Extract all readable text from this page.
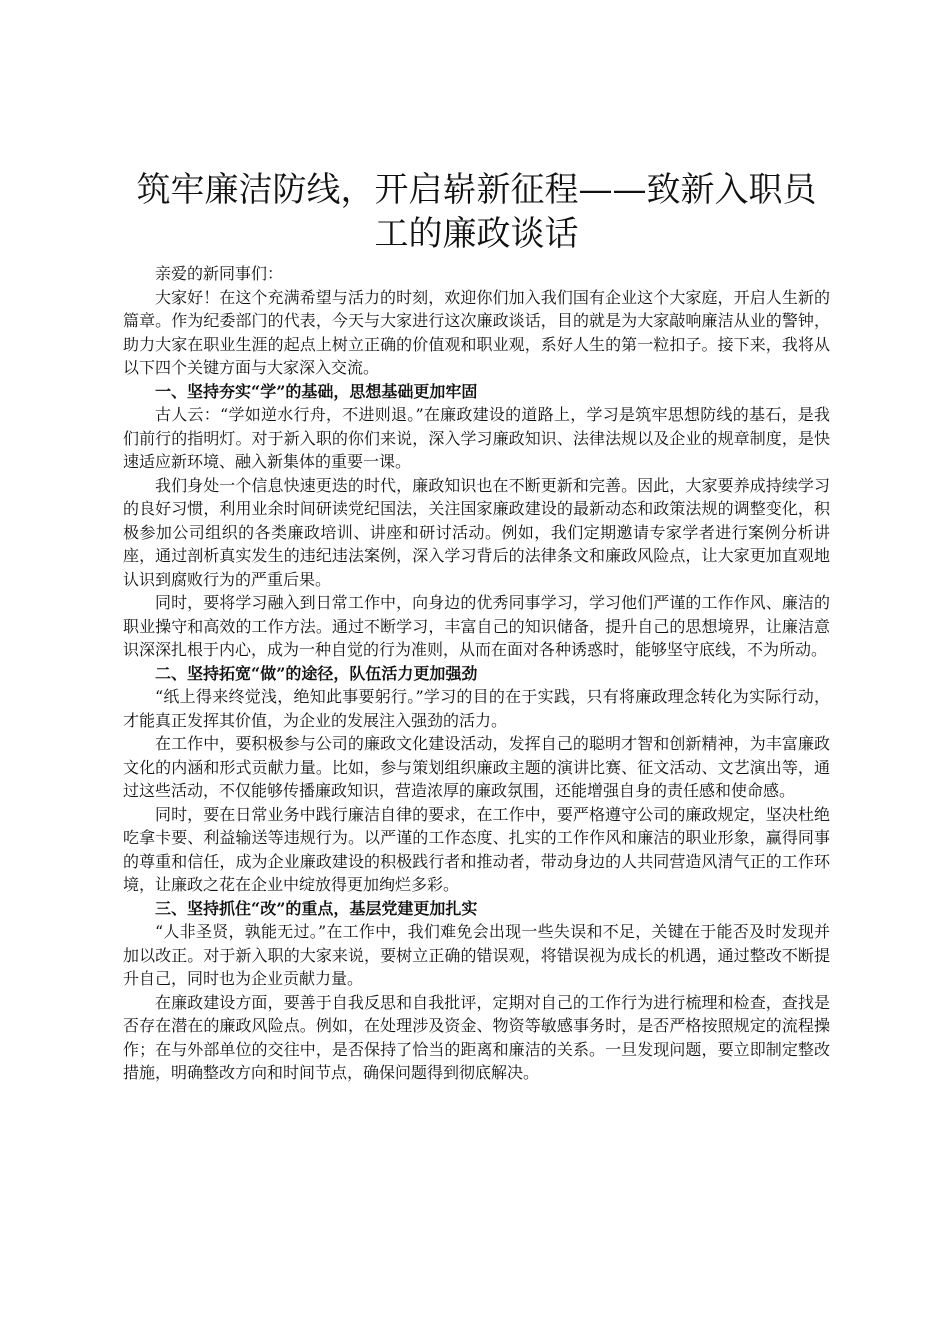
筑牢廉洁防线，开启崭新征程——致新入职员工的廉政谈话

亲爱的新同事们：

大家好！在这个充满希望与活力的时刻，欢迎你们加入我们国有企业这个大家庭，开启人生新的篇章。作为纪委部门的代表，今天与大家进行这次廉政谈话，目的就是为大家敲响廉洁从业的警钟，助力大家在职业生涯的起点上树立正确的价值观和职业观，系好人生的第一粒扣子。接下来，我将从以下四个关键方面与大家深入交流。

一、坚持夯实“学”的基础，思想基础更加牢固

古人云：“学如逆水行舟，不进则退。”在廉政建设的道路上，学习是筑牢思想防线的基石，是我们前行的指明灯。对于新入职的你们来说，深入学习廉政知识、法律法规以及企业的规章制度，是快速适应新环境、融入新集体的重要一课。

我们身处一个信息快速更迭的时代，廉政知识也在不断更新和完善。因此，大家要养成持续学习的良好习惯，利用业余时间研读党纪国法，关注国家廉政建设的最新动态和政策法规的调整变化，积极参加公司组织的各类廉政培训、讲座和研讨活动。例如，我们定期邀请专家学者进行案例分析讲座，通过剖析真实发生的违纪违法案例，深入学习背后的法律条文和廉政风险点，让大家更加直观地认识到腐败行为的严重后果。

同时，要将学习融入到日常工作中，向身边的优秀同事学习，学习他们严谨的工作作风、廉洁的职业操守和高效的工作方法。通过不断学习，丰富自己的知识储备，提升自己的思想境界，让廉洁意识深深扎根于内心，成为一种自觉的行为准则，从而在面对各种诱惑时，能够坚守底线，不为所动。

二、坚持拓宽“做”的途径，队伍活力更加强劲

“纸上得来终觉浅，绝知此事要躬行。”学习的目的在于实践，只有将廉政理念转化为实际行动，才能真正发挥其价值，为企业的发展注入强劲的活力。

在工作中，要积极参与公司的廉政文化建设活动，发挥自己的聪明才智和创新精神，为丰富廉政文化的内涵和形式贡献力量。比如，参与策划组织廉政主题的演讲比赛、征文活动、文艺演出等，通过这些活动，不仅能够传播廉政知识，营造浓厚的廉政氛围，还能增强自身的责任感和使命感。

同时，要在日常业务中践行廉洁自律的要求，在工作中，要严格遵守公司的廉政规定，坚决杜绝吃拿卡要、利益输送等违规行为。以严谨的工作态度、扎实的工作作风和廉洁的职业形象，赢得同事的尊重和信任，成为企业廉政建设的积极践行者和推动者，带动身边的人共同营造风清气正的工作环境，让廉政之花在企业中绽放得更加绚烂多彩。

三、坚持抓住“改”的重点，基层党建更加扎实

“人非圣贤，孰能无过。”在工作中，我们难免会出现一些失误和不足，关键在于能否及时发现并加以改正。对于新入职的大家来说，要树立正确的错误观，将错误视为成长的机遇，通过整改不断提升自己，同时也为企业贡献力量。

在廉政建设方面，要善于自我反思和自我批评，定期对自己的工作行为进行梳理和检查，查找是否存在潜在的廉政风险点。例如，在处理涉及资金、物资等敏感事务时，是否严格按照规定的流程操作；在与外部单位的交往中，是否保持了恰当的距离和廉洁的关系。一旦发现问题，要立即制定整改措施，明确整改方向和时间节点，确保问题得到彻底解决。
